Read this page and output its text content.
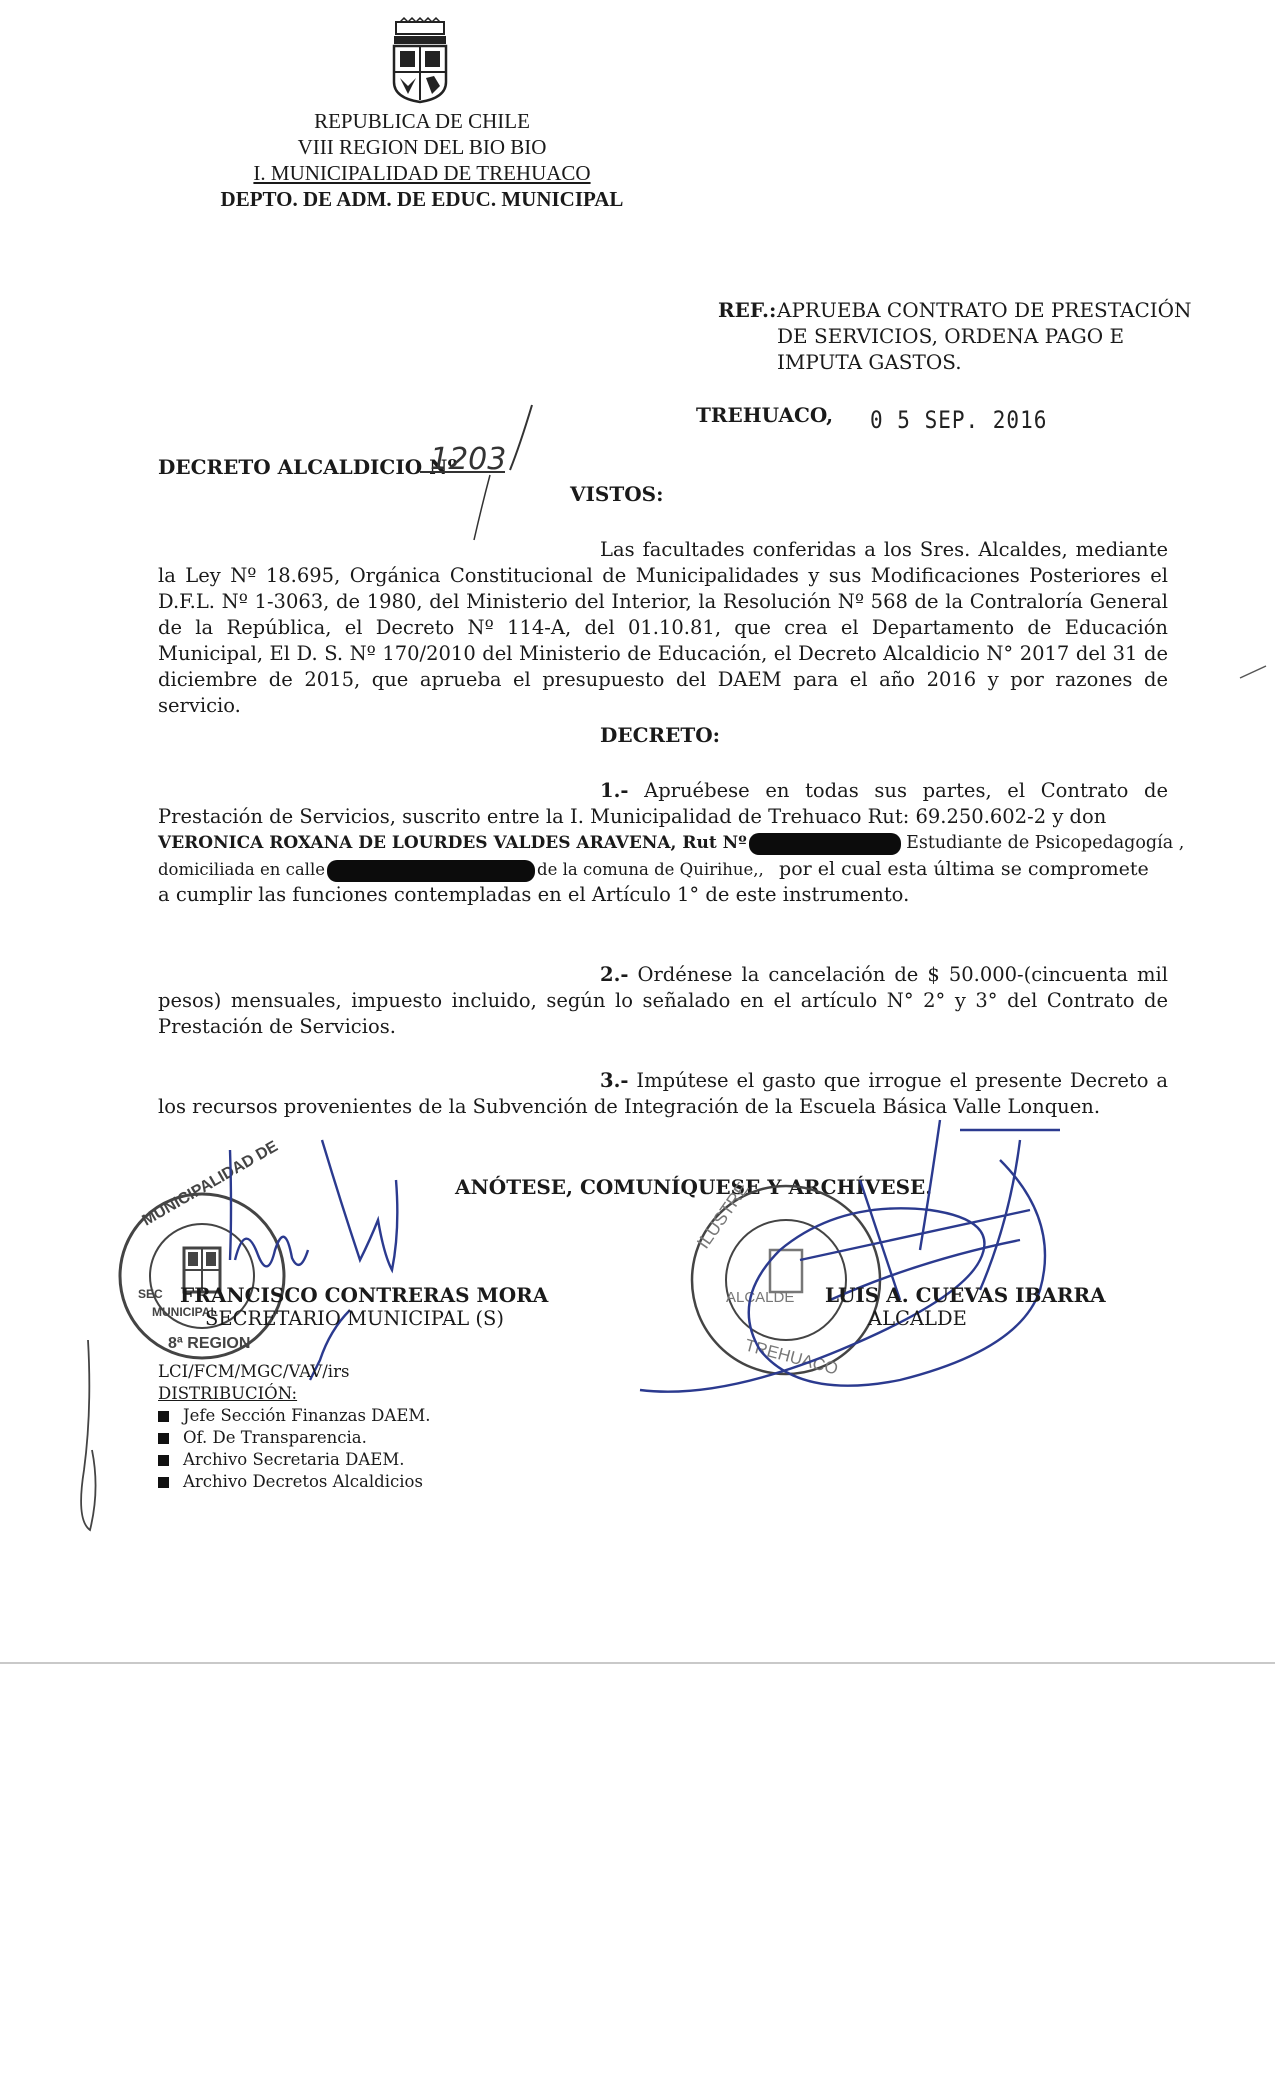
REPUBLICA DE CHILE
VIII REGION DEL BIO BIO
I. MUNICIPALIDAD DE TREHUACO
DEPTO. DE ADM. DE EDUC. MUNICIPAL
REF.: APRUEBA CONTRATO DE PRESTACIÓN
DE SERVICIOS, ORDENA PAGO E
IMPUTA GASTOS.
TREHUACO, 0 5 SEP. 2016
DECRETO ALCALDICIO Nº
1203
VISTOS:
Las facultades conferidas a los Sres. Alcaldes, mediante la Ley Nº 18.695, Orgánica Constitucional de Municipalidades y sus Modificaciones Posteriores el D.F.L. Nº 1-3063, de 1980, del Ministerio del Interior, la Resolución Nº 568 de la Contraloría General de la República, el Decreto Nº 114-A, del 01.10.81, que crea el Departamento de Educación Municipal, El D. S. Nº 170/2010 del Ministerio de Educación, el Decreto Alcaldicio N° 2017 del 31 de diciembre de 2015, que aprueba el presupuesto del DAEM para el año 2016 y por razones de servicio.
DECRETO:
1.- Apruébese en todas sus partes, el Contrato de Prestación de Servicios, suscrito entre la I. Municipalidad de Trehuaco Rut: 69.250.602-2 y don
VERONICA ROXANA DE LOURDES VALDES ARAVENA, Rut Nº	Estudiante de Psicopedagogía ,
domiciliada en calle	de la comuna de Quirihue,, por el cual esta última se compromete
a cumplir las funciones contempladas en el Artículo 1° de este instrumento.
2.- Ordénese la cancelación de $ 50.000-(cincuenta mil pesos) mensuales, impuesto incluido, según lo señalado en el artículo N° 2° y 3° del Contrato de Prestación de Servicios.
3.- Impútese el gasto que irrogue el presente Decreto a los recursos provenientes de la Subvención de Integración de la Escuela Básica Valle Lonquen.
ANÓTESE, COMUNÍQUESE Y ARCHÍVESE.
MUNICIPALIDAD DE
SEC
MUNICIPAL
8ª REGION
ILUSTRE
ALCALDE
TREHUACO
FRANCISCO CONTRERAS MORA
SECRETARIO MUNICIPAL (S)
LUIS A. CUEVAS IBARRA
ALCALDE
LCI/FCM/MGC/VAV/irs
DISTRIBUCIÓN:
Jefe Sección Finanzas DAEM.
Of. De Transparencia.
Archivo Secretaria DAEM.
Archivo Decretos Alcaldicios
